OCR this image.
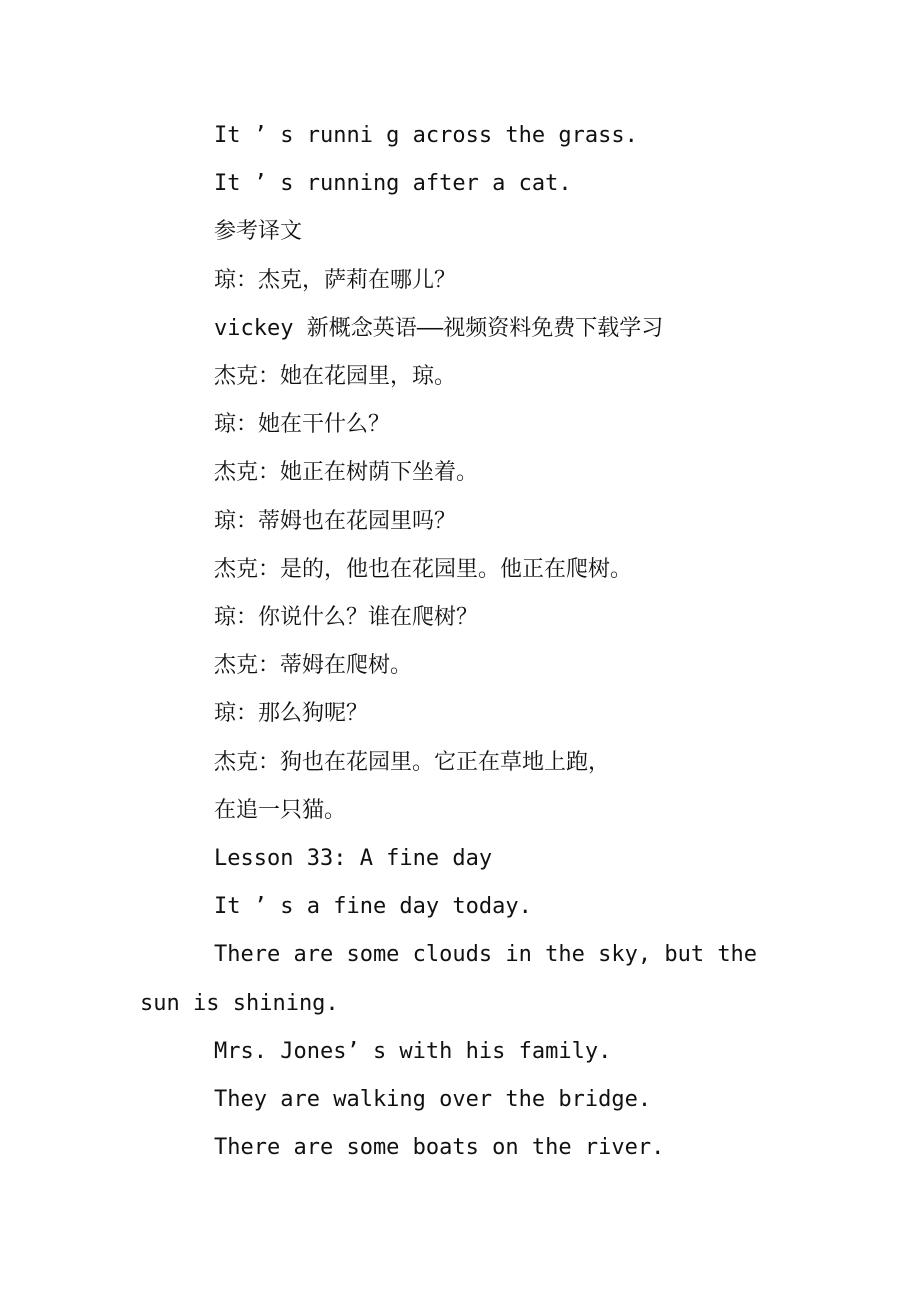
It ’ s runni g across the grass.

It ’ s running after a cat.

参考译文

琼：杰克，萨莉在哪儿？

vickey 新概念英语——视频资料免费下载学习

杰克：她在花园里，琼。

琼：她在干什么？

杰克：她正在树荫下坐着。

琼：蒂姆也在花园里吗？

杰克：是的，他也在花园里。他正在爬树。

琼：你说什么？谁在爬树？

杰克：蒂姆在爬树。

琼：那么狗呢？

杰克：狗也在花园里。它正在草地上跑，

在追一只猫。

Lesson 33: A fine day

It ’ s a fine day today.

There are some clouds in the sky, but the sun is shining.

Mrs. Jones’ s with his family.

They are walking over the bridge.

There are some boats on the river.
